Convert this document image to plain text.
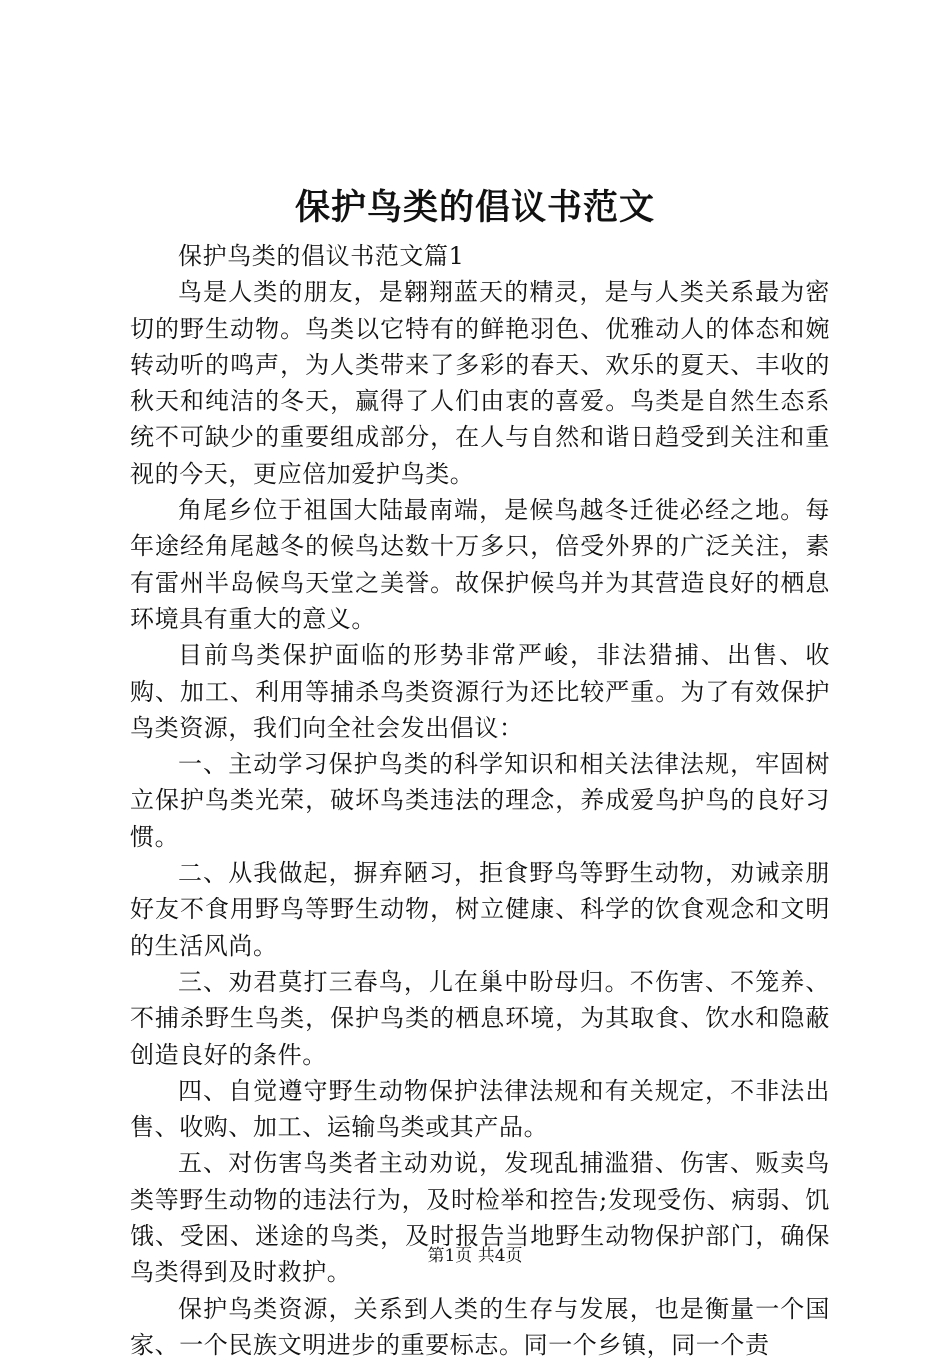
保护鸟类的倡议书范文

保护鸟类的倡议书范文篇1

鸟是人类的朋友，是翱翔蓝天的精灵，是与人类关系最为密切的野生动物。鸟类以它特有的鲜艳羽色、优雅动人的体态和婉转动听的鸣声，为人类带来了多彩的春天、欢乐的夏天、丰收的秋天和纯洁的冬天，赢得了人们由衷的喜爱。鸟类是自然生态系统不可缺少的重要组成部分，在人与自然和谐日趋受到关注和重视的今天，更应倍加爱护鸟类。

角尾乡位于祖国大陆最南端，是候鸟越冬迁徙必经之地。每年途经角尾越冬的候鸟达数十万多只，倍受外界的广泛关注，素有雷州半岛候鸟天堂之美誉。故保护候鸟并为其营造良好的栖息环境具有重大的意义。

目前鸟类保护面临的形势非常严峻，非法猎捕、出售、收购、加工、利用等捕杀鸟类资源行为还比较严重。为了有效保护鸟类资源，我们向全社会发出倡议：

一、主动学习保护鸟类的科学知识和相关法律法规，牢固树立保护鸟类光荣，破坏鸟类违法的理念，养成爱鸟护鸟的良好习惯。

二、从我做起，摒弃陋习，拒食野鸟等野生动物，劝诫亲朋好友不食用野鸟等野生动物，树立健康、科学的饮食观念和文明的生活风尚。

三、劝君莫打三春鸟，儿在巢中盼母归。不伤害、不笼养、不捕杀野生鸟类，保护鸟类的栖息环境，为其取食、饮水和隐蔽创造良好的条件。

四、自觉遵守野生动物保护法律法规和有关规定，不非法出售、收购、加工、运输鸟类或其产品。

五、对伤害鸟类者主动劝说，发现乱捕滥猎、伤害、贩卖鸟类等野生动物的违法行为，及时检举和控告;发现受伤、病弱、饥饿、受困、迷途的鸟类，及时报告当地野生动物保护部门，确保鸟类得到及时救护。

保护鸟类资源，关系到人类的生存与发展，也是衡量一个国家、一个民族文明进步的重要标志。同一个乡镇，同一个责

第1页 共4页
